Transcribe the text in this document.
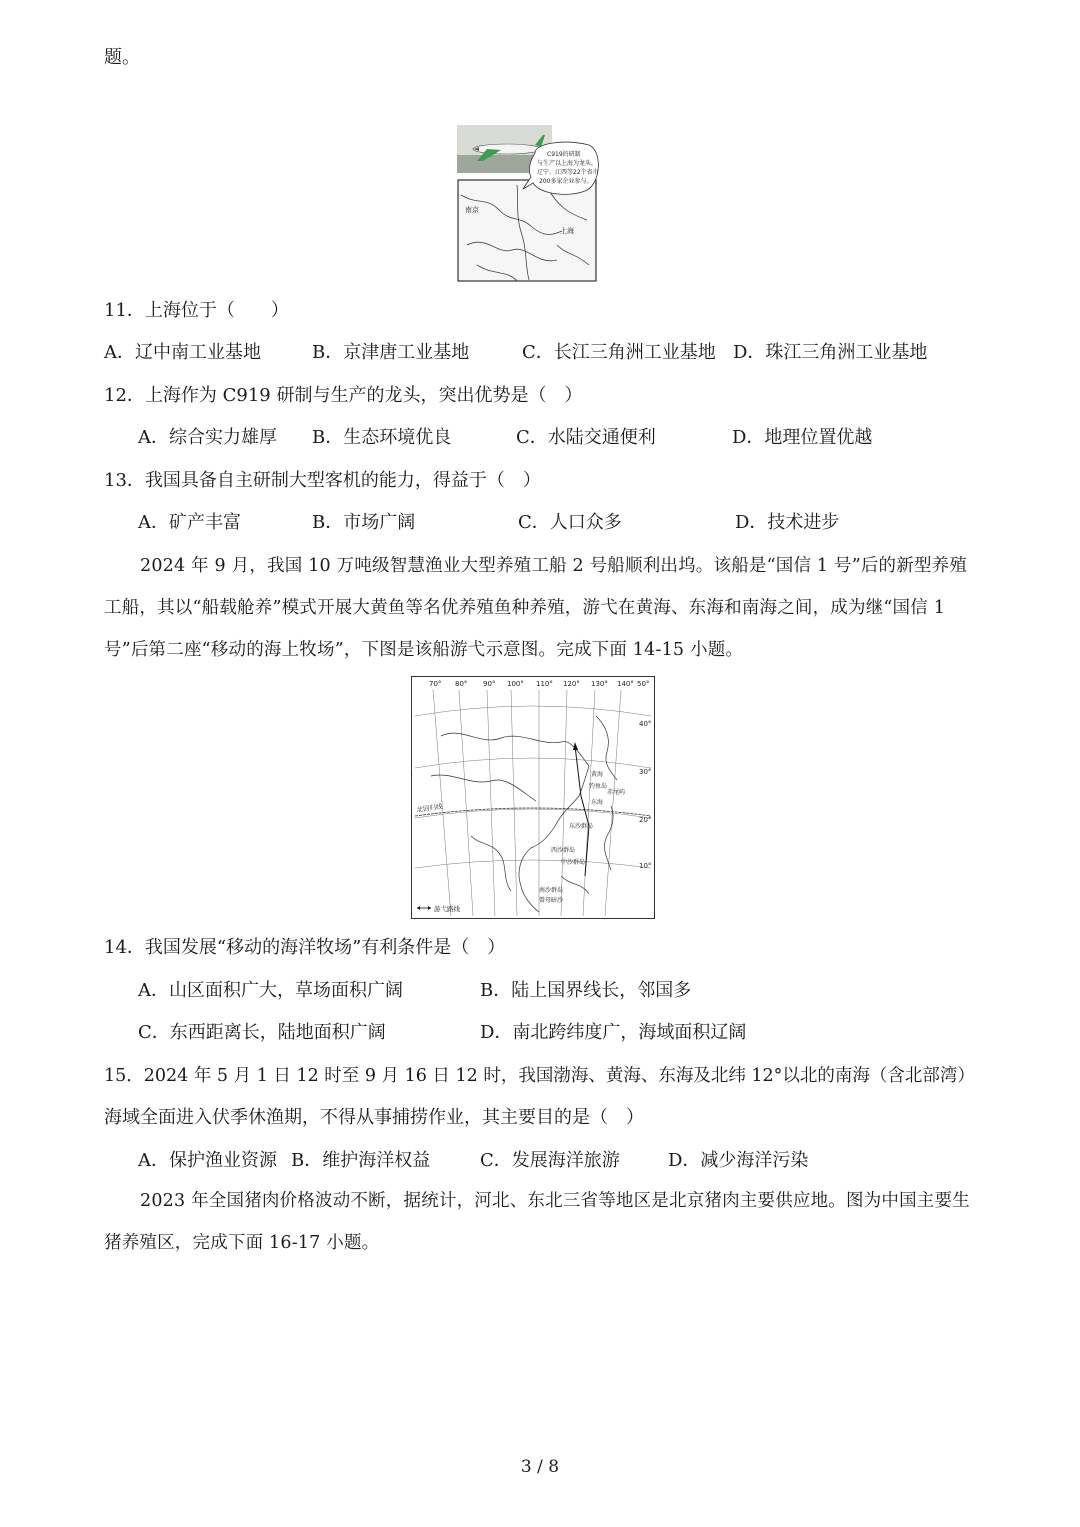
题。
南京
上海
C919的研制
与生产以上海为龙头，
辽宁、江西等22个省市
200多家企业参与。
11．上海位于（　　）
A．辽中南工业基地	B．京津唐工业基地	C．长江三角洲工业基地 D．珠江三角洲工业基地
12．上海作为 C919 研制与生产的龙头，突出优势是（　）
A．综合实力雄厚 B．生态环境优良	C．水陆交通便利	D．地理位置优越
13．我国具备自主研制大型客机的能力，得益于（　）
A．矿产丰富	B．市场广阔	C．人口众多	D．技术进步
2024 年 9 月，我国 10 万吨级智慧渔业大型养殖工船 2 号船顺利出坞。该船是“国信 1 号”后的新型养殖工船，其以“船载舱养”模式开展大黄鱼等名优养殖鱼种养殖，游弋在黄海、东海和南海之间，成为继“国信 1 号”后第二座“移动的海上牧场”，下图是该船游弋示意图。完成下面 14-15 小题。
70° 80° 90° 100° 110° 120° 130° 140° 50°
40°
30°
20°
10°
北回归线
黄海
东海
钓鱼岛
赤尾屿
东沙群岛
西沙群岛
中沙群岛
南沙群岛
曾母暗沙
游弋路线
14．我国发展“移动的海洋牧场”有利条件是（　）
A．山区面积广大，草场面积广阔	B．陆上国界线长，邻国多
C．东西距离长，陆地面积广阔	D．南北跨纬度广，海域面积辽阔
15．2024 年 5 月 1 日 12 时至 9 月 16 日 12 时，我国渤海、黄海、东海及北纬 12°以北的南海（含北部湾）
海域全面进入伏季休渔期，不得从事捕捞作业，其主要目的是（　）
A．保护渔业资源 B．维护海洋权益	C．发展海洋旅游	D．减少海洋污染
2023 年全国猪肉价格波动不断，据统计，河北、东北三省等地区是北京猪肉主要供应地。图为中国主要生猪养殖区，完成下面 16-17 小题。
3 / 8
